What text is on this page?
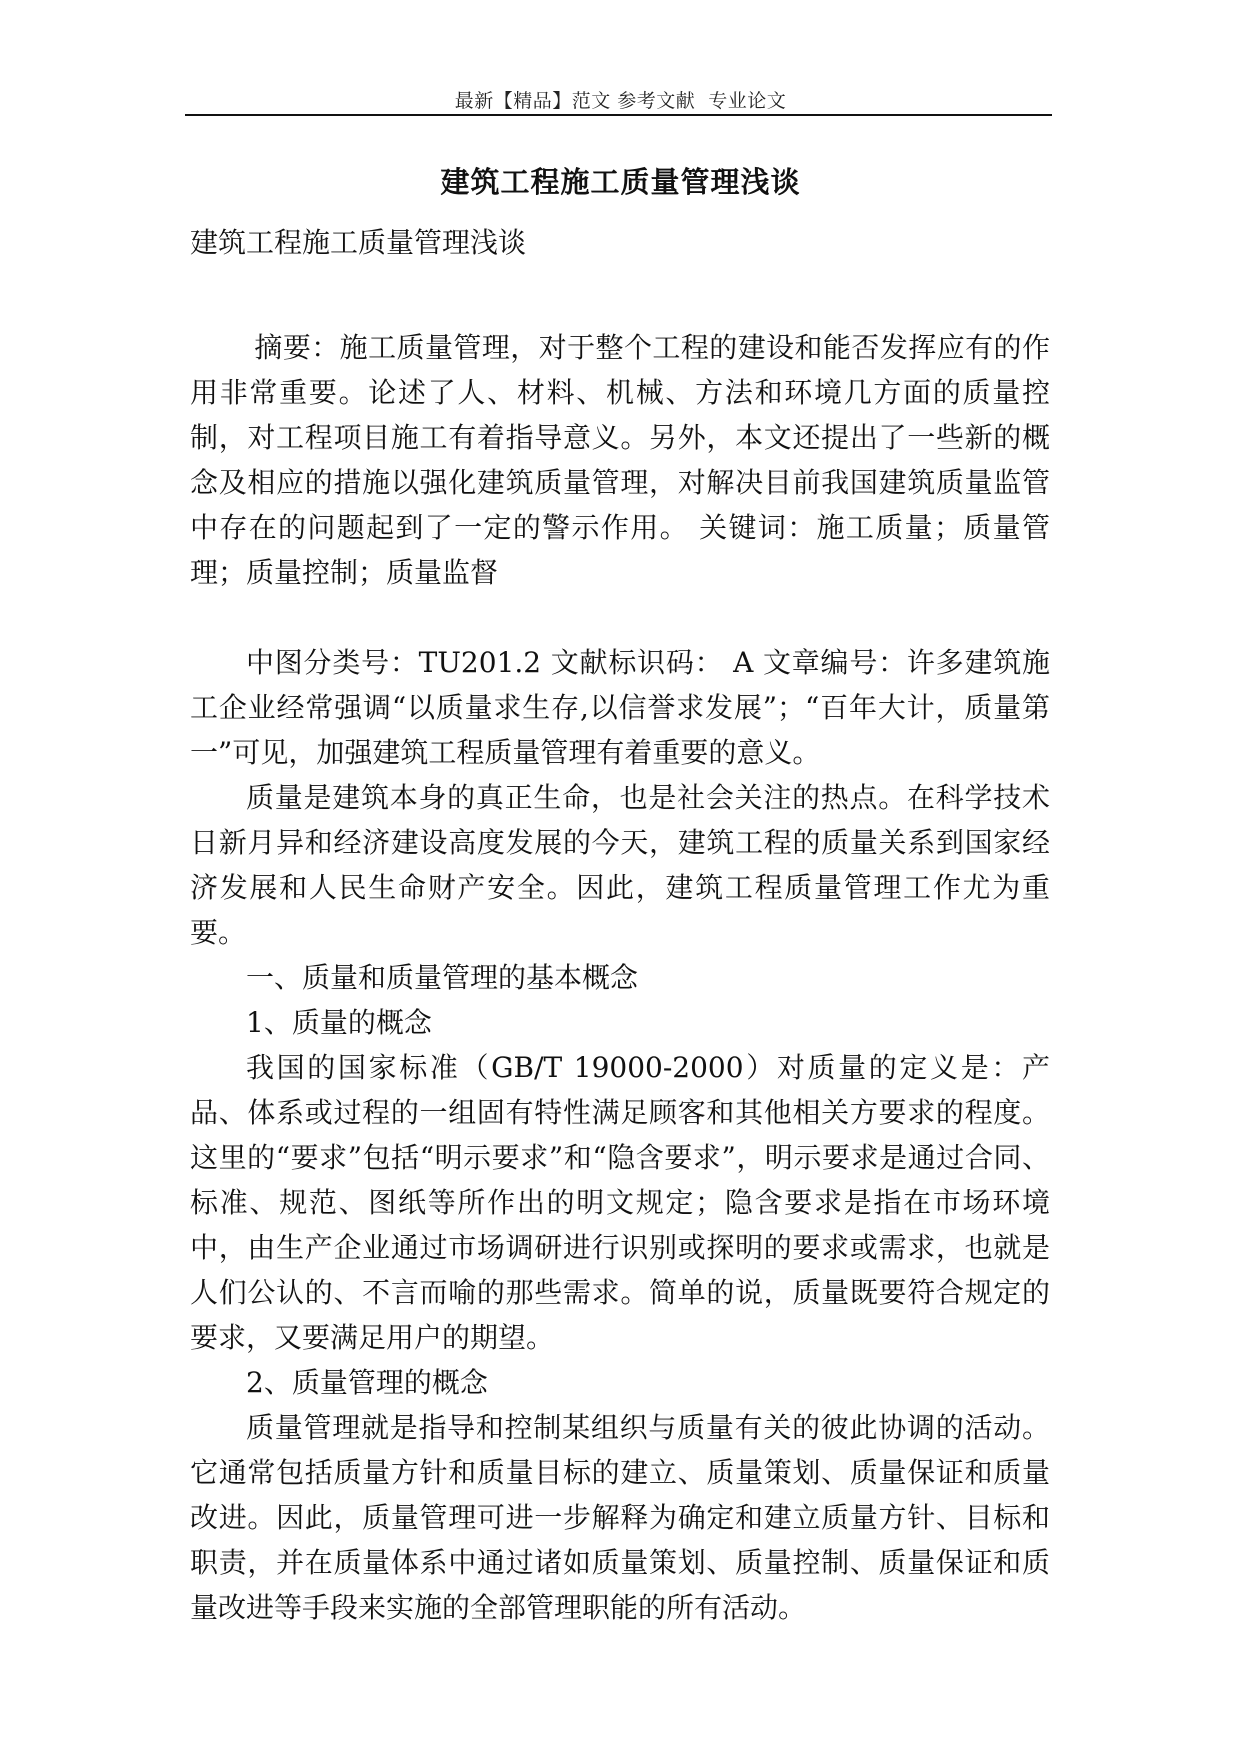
最新【精品】范文 参考文献  专业论文
建筑工程施工质量管理浅谈

建筑工程施工质量管理浅谈

摘要：施工质量管理，对于整个工程的建设和能否发挥应有的作用非常重要。论述了人、材料、机械、方法和环境几方面的质量控制，对工程项目施工有着指导意义。另外，本文还提出了一些新的概念及相应的措施以强化建筑质量管理，对解决目前我国建筑质量监管中存在的问题起到了一定的警示作用。 关键词：施工质量；质量管理；质量控制；质量监督

中图分类号：TU201.2 文献标识码： A 文章编号：许多建筑施工企业经常强调“以质量求生存,以信誉求发展”；“百年大计，质量第一”可见，加强建筑工程质量管理有着重要的意义。

质量是建筑本身的真正生命，也是社会关注的热点。在科学技术日新月异和经济建设高度发展的今天，建筑工程的质量关系到国家经济发展和人民生命财产安全。因此，建筑工程质量管理工作尤为重要。

一、质量和质量管理的基本概念

1、质量的概念

我国的国家标准（GB/T 19000-2000）对质量的定义是：产品、体系或过程的一组固有特性满足顾客和其他相关方要求的程度。这里的“要求”包括“明示要求”和“隐含要求”，明示要求是通过合同、标准、规范、图纸等所作出的明文规定；隐含要求是指在市场环境中，由生产企业通过市场调研进行识别或探明的要求或需求，也就是人们公认的、不言而喻的那些需求。简单的说，质量既要符合规定的要求，又要满足用户的期望。

2、质量管理的概念

质量管理就是指导和控制某组织与质量有关的彼此协调的活动。它通常包括质量方针和质量目标的建立、质量策划、质量保证和质量改进。因此，质量管理可进一步解释为确定和建立质量方针、目标和职责，并在质量体系中通过诸如质量策划、质量控制、质量保证和质量改进等手段来实施的全部管理职能的所有活动。
